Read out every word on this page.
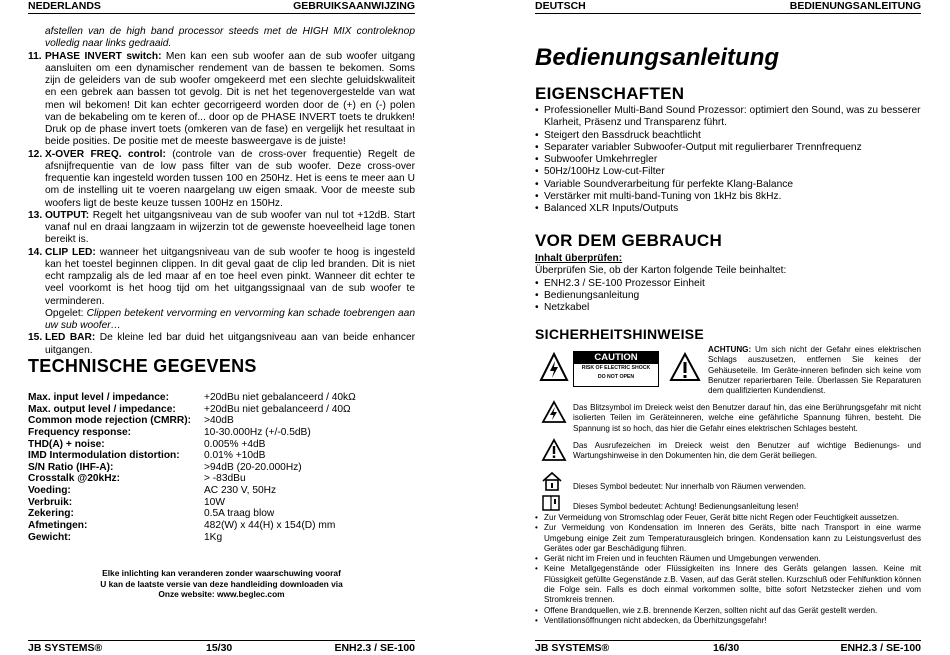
NEDERLANDS	GEBRUIKSAANWIJZING
afstellen van de high band processor steeds met de HIGH MIX controleknop volledig naar links gedraaid.
11. PHASE INVERT switch: Men kan een sub woofer aan de sub woofer uitgang aansluiten om een dynamischer rendement van de bassen te bekomen. Soms zijn de geleiders van de sub woofer omgekeerd met een slechte geluidskwaliteit en een gebrek aan bassen tot gevolg. Dit is net het tegenovergestelde van wat men wil bekomen! Dit kan echter gecorrigeerd worden door de (+) en (-) polen van de bekabeling om te keren of... door op de PHASE INVERT toets te drukken! Druk op de phase invert toets (omkeren van de fase) en vergelijk het resultaat in beide posities. De positie met de meeste basweergave is de juiste!
12. X-OVER FREQ. control: (controle van de cross-over frequentie) Regelt de afsnijfrequentie van de low pass filter van de sub woofer. Deze cross-over frequentie kan ingesteld worden tussen 100 en 250Hz. Het is eens te meer aan U om de instelling uit te voeren naargelang uw eigen smaak. Voor de meeste sub woofers ligt de beste keuze tussen 100Hz en 150Hz.
13. OUTPUT: Regelt het uitgangsniveau van de sub woofer van nul tot +12dB. Start vanaf nul en draai langzaam in wijzerzin tot de gewenste hoeveelheid lage tonen bereikt is.
14. CLIP LED: wanneer het uitgangsniveau van de sub woofer te hoog is ingesteld kan het toestel beginnen clippen. In dit geval gaat de clip led branden. Dit is niet echt rampzalig als de led maar af en toe heel even pinkt. Wanneer dit echter te veel voorkomt is het hoog tijd om het uitgangssignaal van de sub woofer te verminderen.
Opgelet: Clippen betekent vervorming en vervorming kan schade toebrengen aan uw sub woofer…
15. LED BAR: De kleine led bar duid het uitgangsniveau aan van beide enhancer uitgangen.
TECHNISCHE GEGEVENS
Max. input level / impedance:	+20dBu niet gebalanceerd / 40kΩ
Max. output level / impedance:	+20dBu niet gebalanceerd / 40Ω
Common mode rejection (CMRR): >40dB
Frequency response:	10-30.000Hz (+/-0.5dB)
THD(A) + noise:	0.005% +4dB
IMD Intermodulation distortion: 0.01% +10dB
S/N Ratio (IHF-A):	>94dB (20-20.000Hz)
Crosstalk @20kHz:	> -83dBu
Voeding:	AC 230 V, 50Hz
Verbruik:	10W
Zekering:	0.5A traag blow
Afmetingen:	482(W) x 44(H) x 154(D) mm
Gewicht:	1Kg
Elke inlichting kan veranderen zonder waarschuwing vooraf
U kan de laatste versie van deze handleiding downloaden via
Onze website: www.beglec.com
JB SYSTEMS®	15/30	ENH2.3 / SE-100
DEUTSCH	BEDIENUNGSANLEITUNG
Bedienungsanleitung
EIGENSCHAFTEN
• Professioneller Multi-Band Sound Prozessor: optimiert den Sound, was zu besserer Klarheit, Präsenz und Transparenz führt.
• Steigert den Bassdruck beachtlicht
• Separater variabler Subwoofer-Output mit regulierbarer Trennfrequenz
• Subwoofer Umkehrregler
• 50Hz/100Hz Low-cut-Filter
• Variable Soundverarbeitung für perfekte Klang-Balance
• Verstärker mit multi-band-Tuning von 1kHz bis 8kHz.
• Balanced XLR Inputs/Outputs
VOR DEM GEBRAUCH
Inhalt überprüfen:
Überprüfen Sie, ob der Karton folgende Teile beinhaltet:
• ENH2.3 / SE-100 Prozessor Einheit
• Bedienungsanleitung
• Netzkabel
SICHERHEITSHINWEISE
CAUTION
RISK OF ELECTRIC SHOCK
DO NOT OPEN
ACHTUNG: Um sich nicht der Gefahr eines elektrischen Schlags auszusetzen, entfernen Sie keines der Gehäuseteile. Im Geräte-inneren befinden sich keine vom Benutzer reparierbaren Teile. Überlassen Sie Reparaturen dem qualifizierten Kundendienst.
Das Blitzsymbol im Dreieck weist den Benutzer darauf hin, das eine Berührungsgefahr mit nicht isolierten Teilen im Geräteinneren, welche eine gefährliche Spannung führen, besteht. Die Spannung ist so hoch, das hier die Gefahr eines elektrischen Schlages besteht.
Das Ausrufezeichen im Dreieck weist den Benutzer auf wichtige Bedienungs- und Wartungshinweise in den Dokumenten hin, die dem Gerät beiliegen.
Dieses Symbol bedeutet: Nur innerhalb von Räumen verwenden.
Dieses Symbol bedeutet: Achtung! Bedienungsanleitung lesen!
• Zur Vermeidung von Stromschlag oder Feuer, Gerät bitte nicht Regen oder Feuchtigkeit aussetzen.
• Zur Vermeidung von Kondensation im Inneren des Geräts, bitte nach Transport in eine warme Umgebung einige Zeit zum Temperaturausgleich bringen. Kondensation kann zu Leistungsverlust des Gerätes oder gar Beschädigung führen.
• Gerät nicht im Freien und in feuchten Räumen und Umgebungen verwenden.
• Keine Metallgegenstände oder Flüssigkeiten ins Innere des Geräts gelangen lassen. Keine mit Flüssigkeit gefüllte Gegenstände z.B. Vasen, auf das Gerät stellen. Kurzschluß oder Fehlfunktion können die Folge sein. Falls es doch einmal vorkommen sollte, bitte sofort Netzstecker ziehen und vom Stromkreis trennen.
• Offene Brandquellen, wie z.B. brennende Kerzen, sollten nicht auf das Gerät gestellt werden.
• Ventilationsöffnungen nicht abdecken, da Überhitzungsgefahr!
JB SYSTEMS®	16/30	ENH2.3 / SE-100
